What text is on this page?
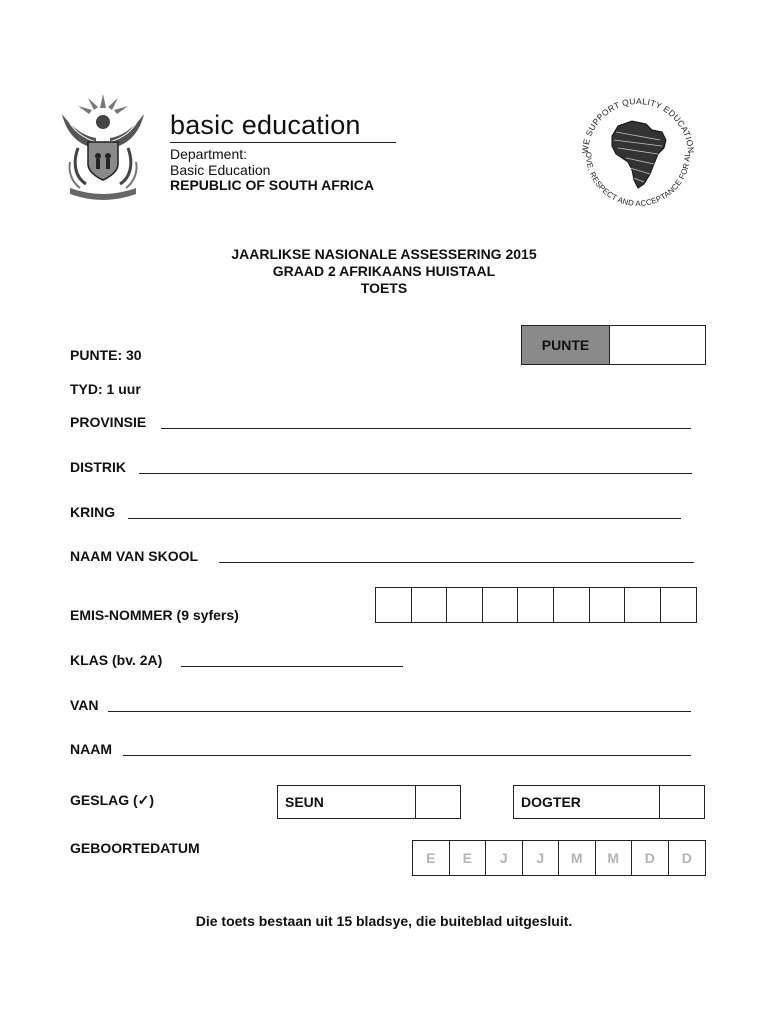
basic education
Department:
Basic Education
REPUBLIC OF SOUTH AFRICA
WE SUPPORT QUALITY EDUCATION
OVE, RESPECT AND ACCEPTANCE FOR AL
JAARLIKSE NASIONALE ASSESSERING 2015
GRAAD 2 AFRIKAANS HUISTAAL
TOETS
PUNTE
PUNTE: 30
TYD: 1 uur
PROVINSIE
DISTRIK
KRING
NAAM VAN SKOOL
EMIS-NOMMER (9 syfers)
KLAS (bv. 2A)
VAN
NAAM
GESLAG (✓)	SEUN	DOGTER
GEBOORTEDATUM
E	E	J	J	M	M	D	D
Die toets bestaan uit 15 bladsye, die buiteblad uitgesluit.
